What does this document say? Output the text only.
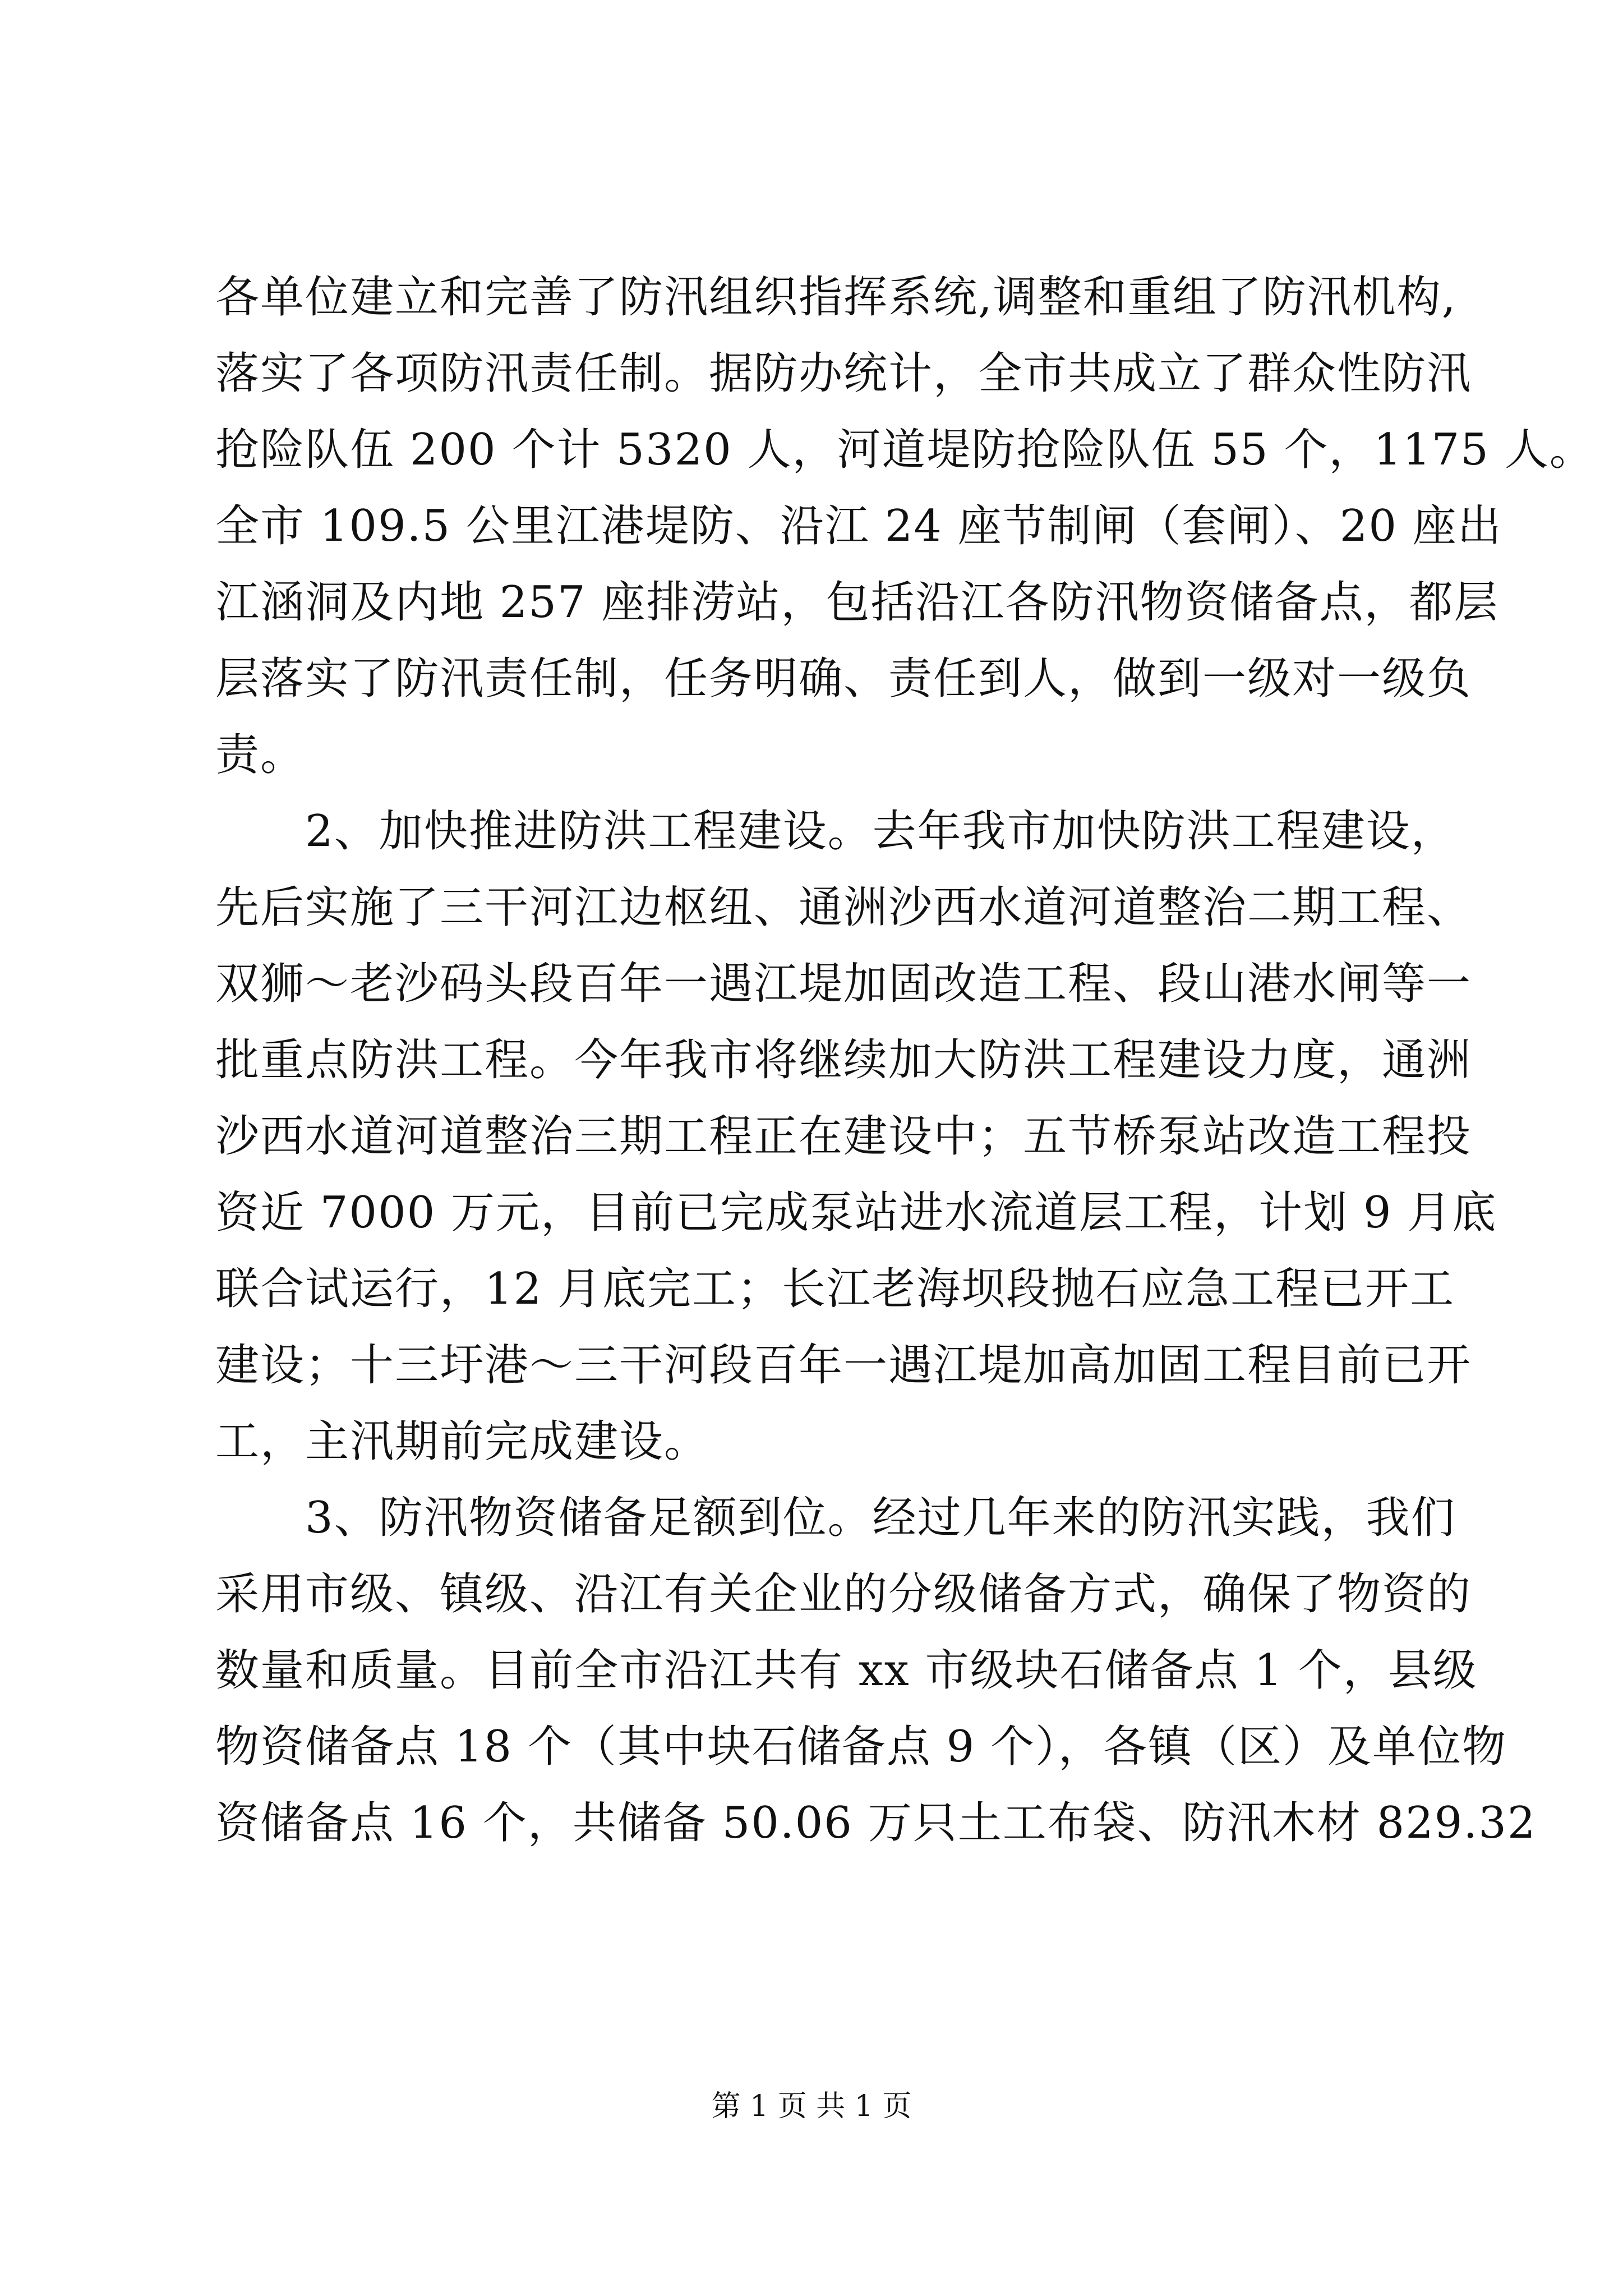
各单位建立和完善了防汛组织指挥系统,调整和重组了防汛机构,
落实了各项防汛责任制。据防办统计，全市共成立了群众性防汛
抢险队伍 200 个计 5320 人，河道堤防抢险队伍 55 个，1175 人。
全市 109.5 公里江港堤防、沿江 24 座节制闸（套闸）、20 座出
江涵洞及内地 257 座排涝站，包括沿江各防汛物资储备点，都层
层落实了防汛责任制，任务明确、责任到人，做到一级对一级负
责。
2、加快推进防洪工程建设。去年我市加快防洪工程建设，
先后实施了三干河江边枢纽、通洲沙西水道河道整治二期工程、
双狮～老沙码头段百年一遇江堤加固改造工程、段山港水闸等一
批重点防洪工程。今年我市将继续加大防洪工程建设力度，通洲
沙西水道河道整治三期工程正在建设中；五节桥泵站改造工程投
资近 7000 万元，目前已完成泵站进水流道层工程，计划 9 月底
联合试运行，12 月底完工；长江老海坝段抛石应急工程已开工
建设；十三圩港～三干河段百年一遇江堤加高加固工程目前已开
工，主汛期前完成建设。
3、防汛物资储备足额到位。经过几年来的防汛实践，我们
采用市级、镇级、沿江有关企业的分级储备方式，确保了物资的
数量和质量。目前全市沿江共有 xx 市级块石储备点 1 个，县级
物资储备点 18 个（其中块石储备点 9 个），各镇（区）及单位物
资储备点 16 个，共储备 50.06 万只土工布袋、防汛木材 829.32
第 1 页 共 1 页
